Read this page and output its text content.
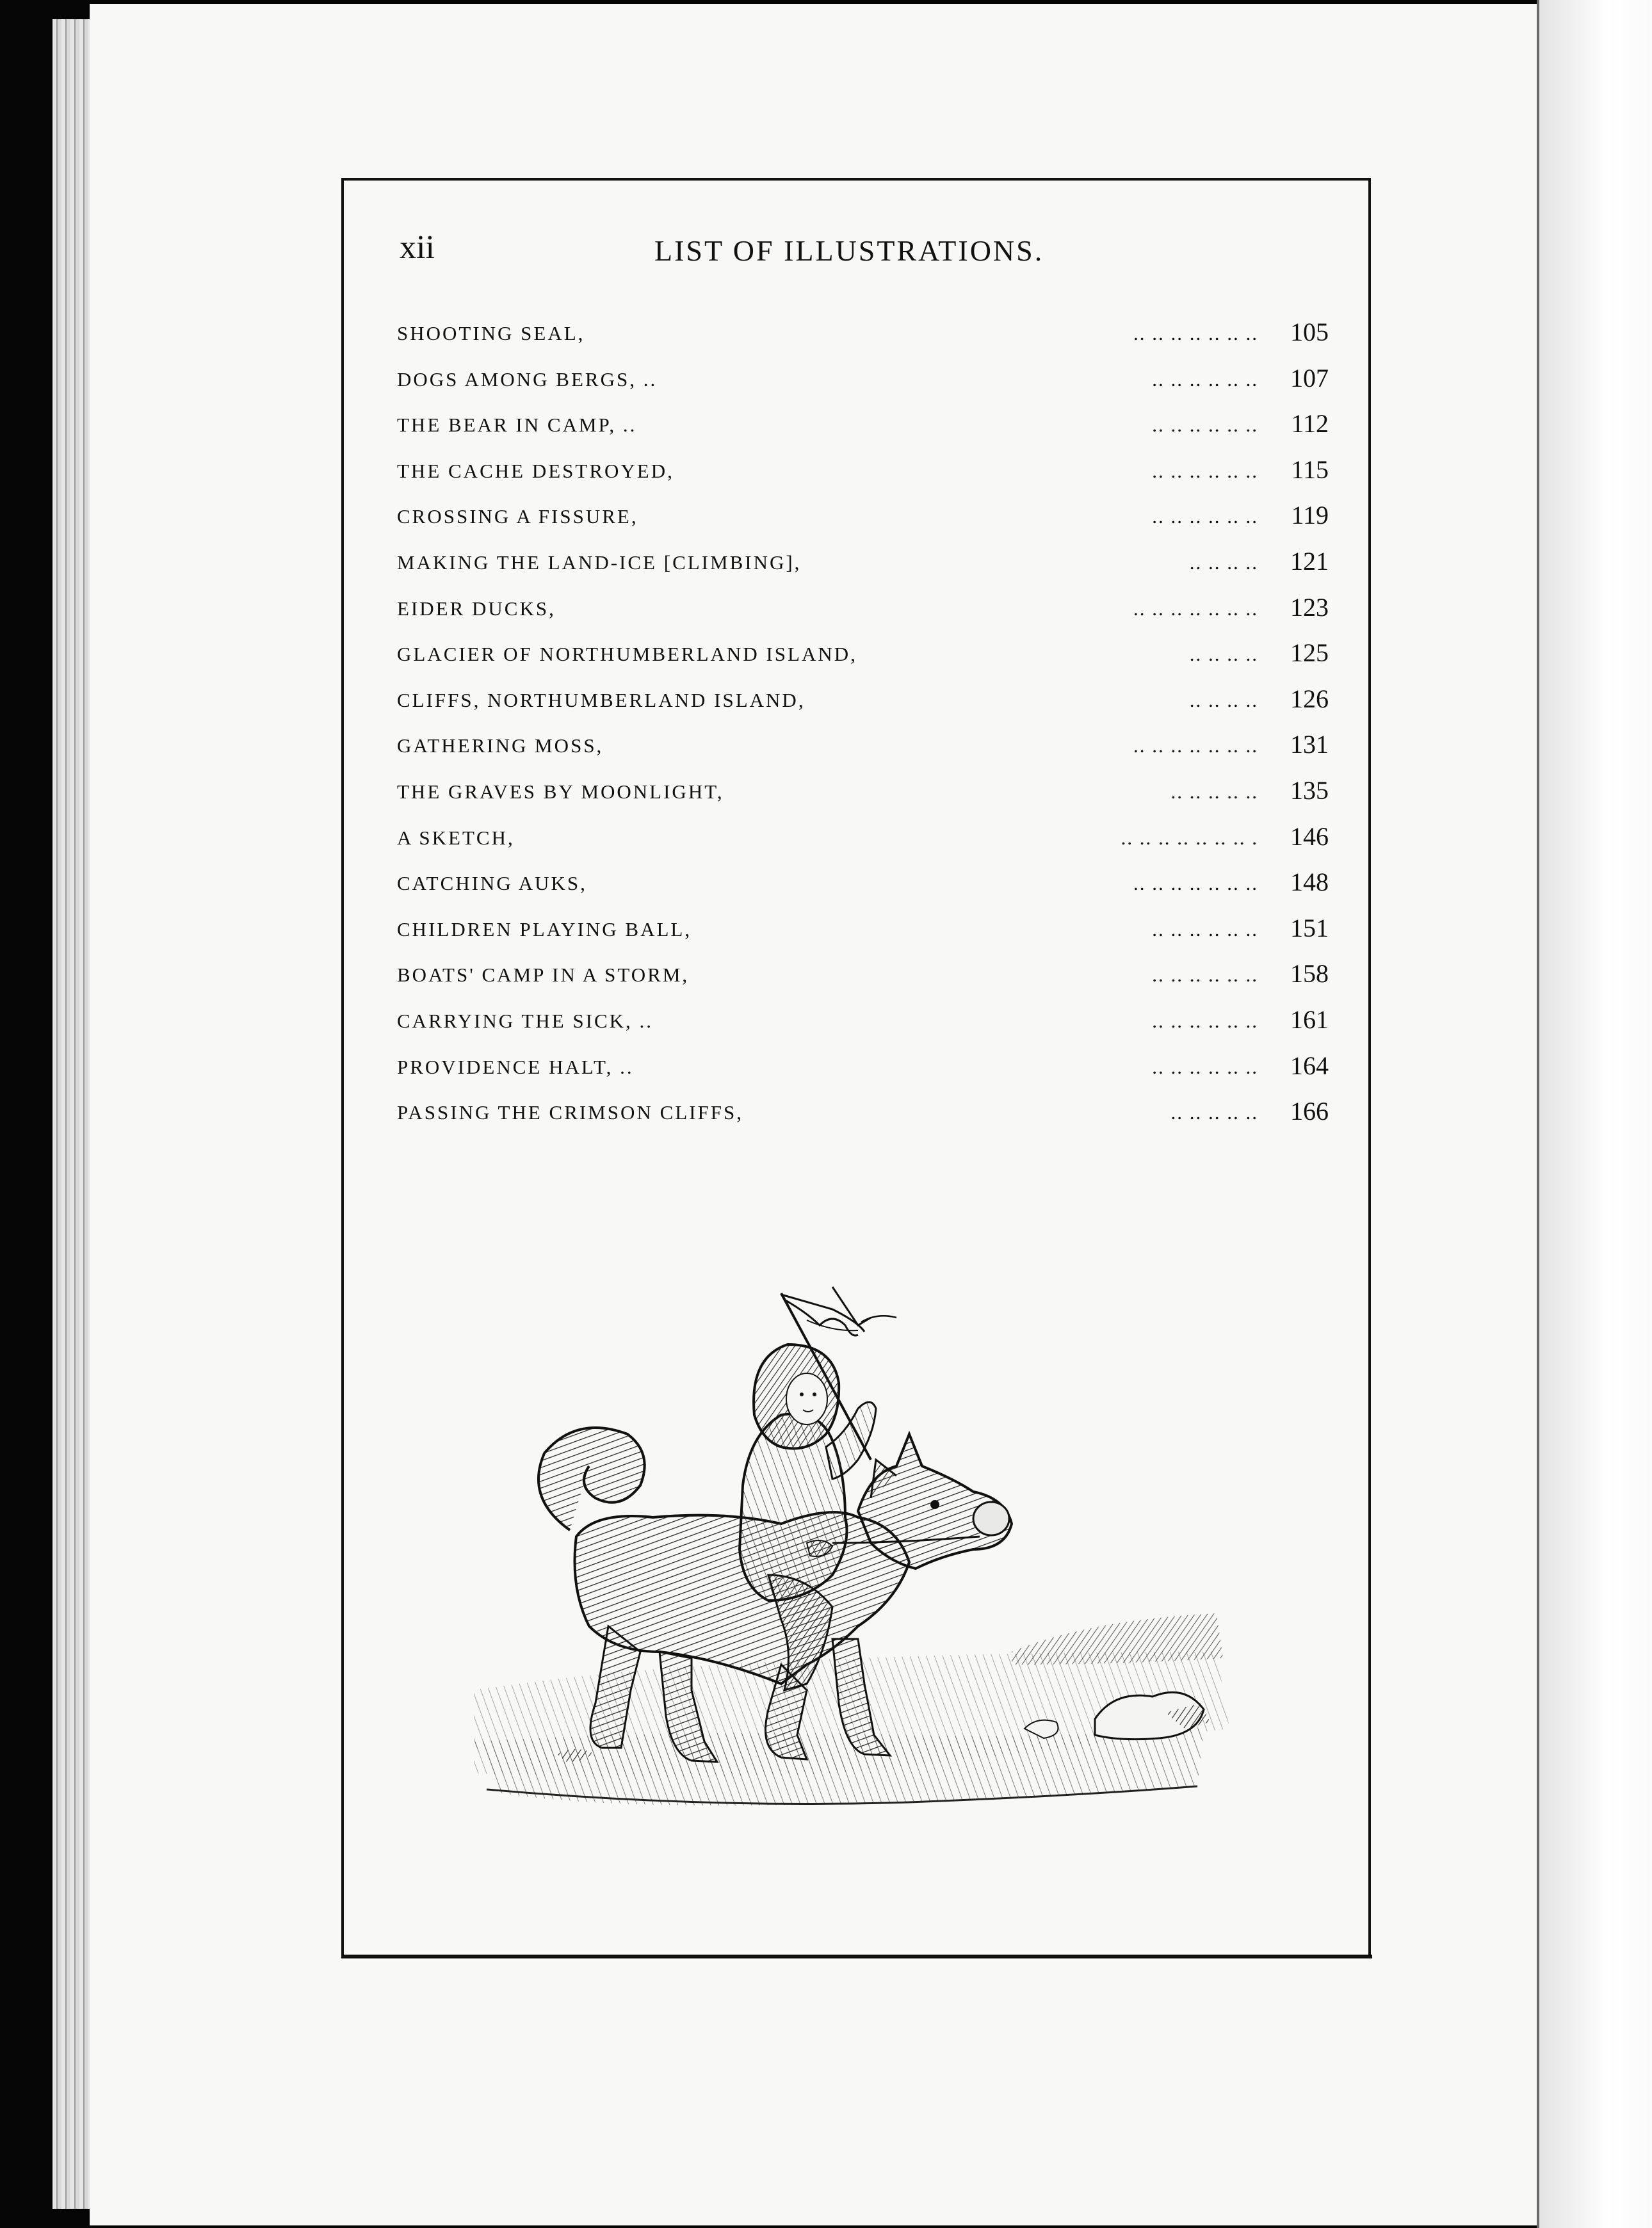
xii	LIST OF ILLUSTRATIONS.
SHOOTING SEAL,	.. .. .. .. .. .. ..	105
DOGS AMONG BERGS, ..	.. .. .. .. .. ..	107
THE BEAR IN CAMP, ..	.. .. .. .. .. ..	112
THE CACHE DESTROYED,	.. .. .. .. .. ..	115
CROSSING A FISSURE,	.. .. .. .. .. ..	119
MAKING THE LAND-ICE [CLIMBING],	.. .. .. ..	121
EIDER DUCKS,	.. .. .. .. .. .. ..	123
GLACIER OF NORTHUMBERLAND ISLAND,	.. .. .. ..	125
CLIFFS, NORTHUMBERLAND ISLAND,	.. .. .. ..	126
GATHERING MOSS,	.. .. .. .. .. .. ..	131
THE GRAVES BY MOONLIGHT,	.. .. .. .. ..	135
A SKETCH,	.. .. .. .. .. .. .. .	146
CATCHING AUKS,	.. .. .. .. .. .. ..	148
CHILDREN PLAYING BALL,	.. .. .. .. .. ..	151
BOATS' CAMP IN A STORM,	.. .. .. .. .. ..	158
CARRYING THE SICK, ..	.. .. .. .. .. ..	161
PROVIDENCE HALT, ..	.. .. .. .. .. ..	164
PASSING THE CRIMSON CLIFFS,	.. .. .. .. ..	166
